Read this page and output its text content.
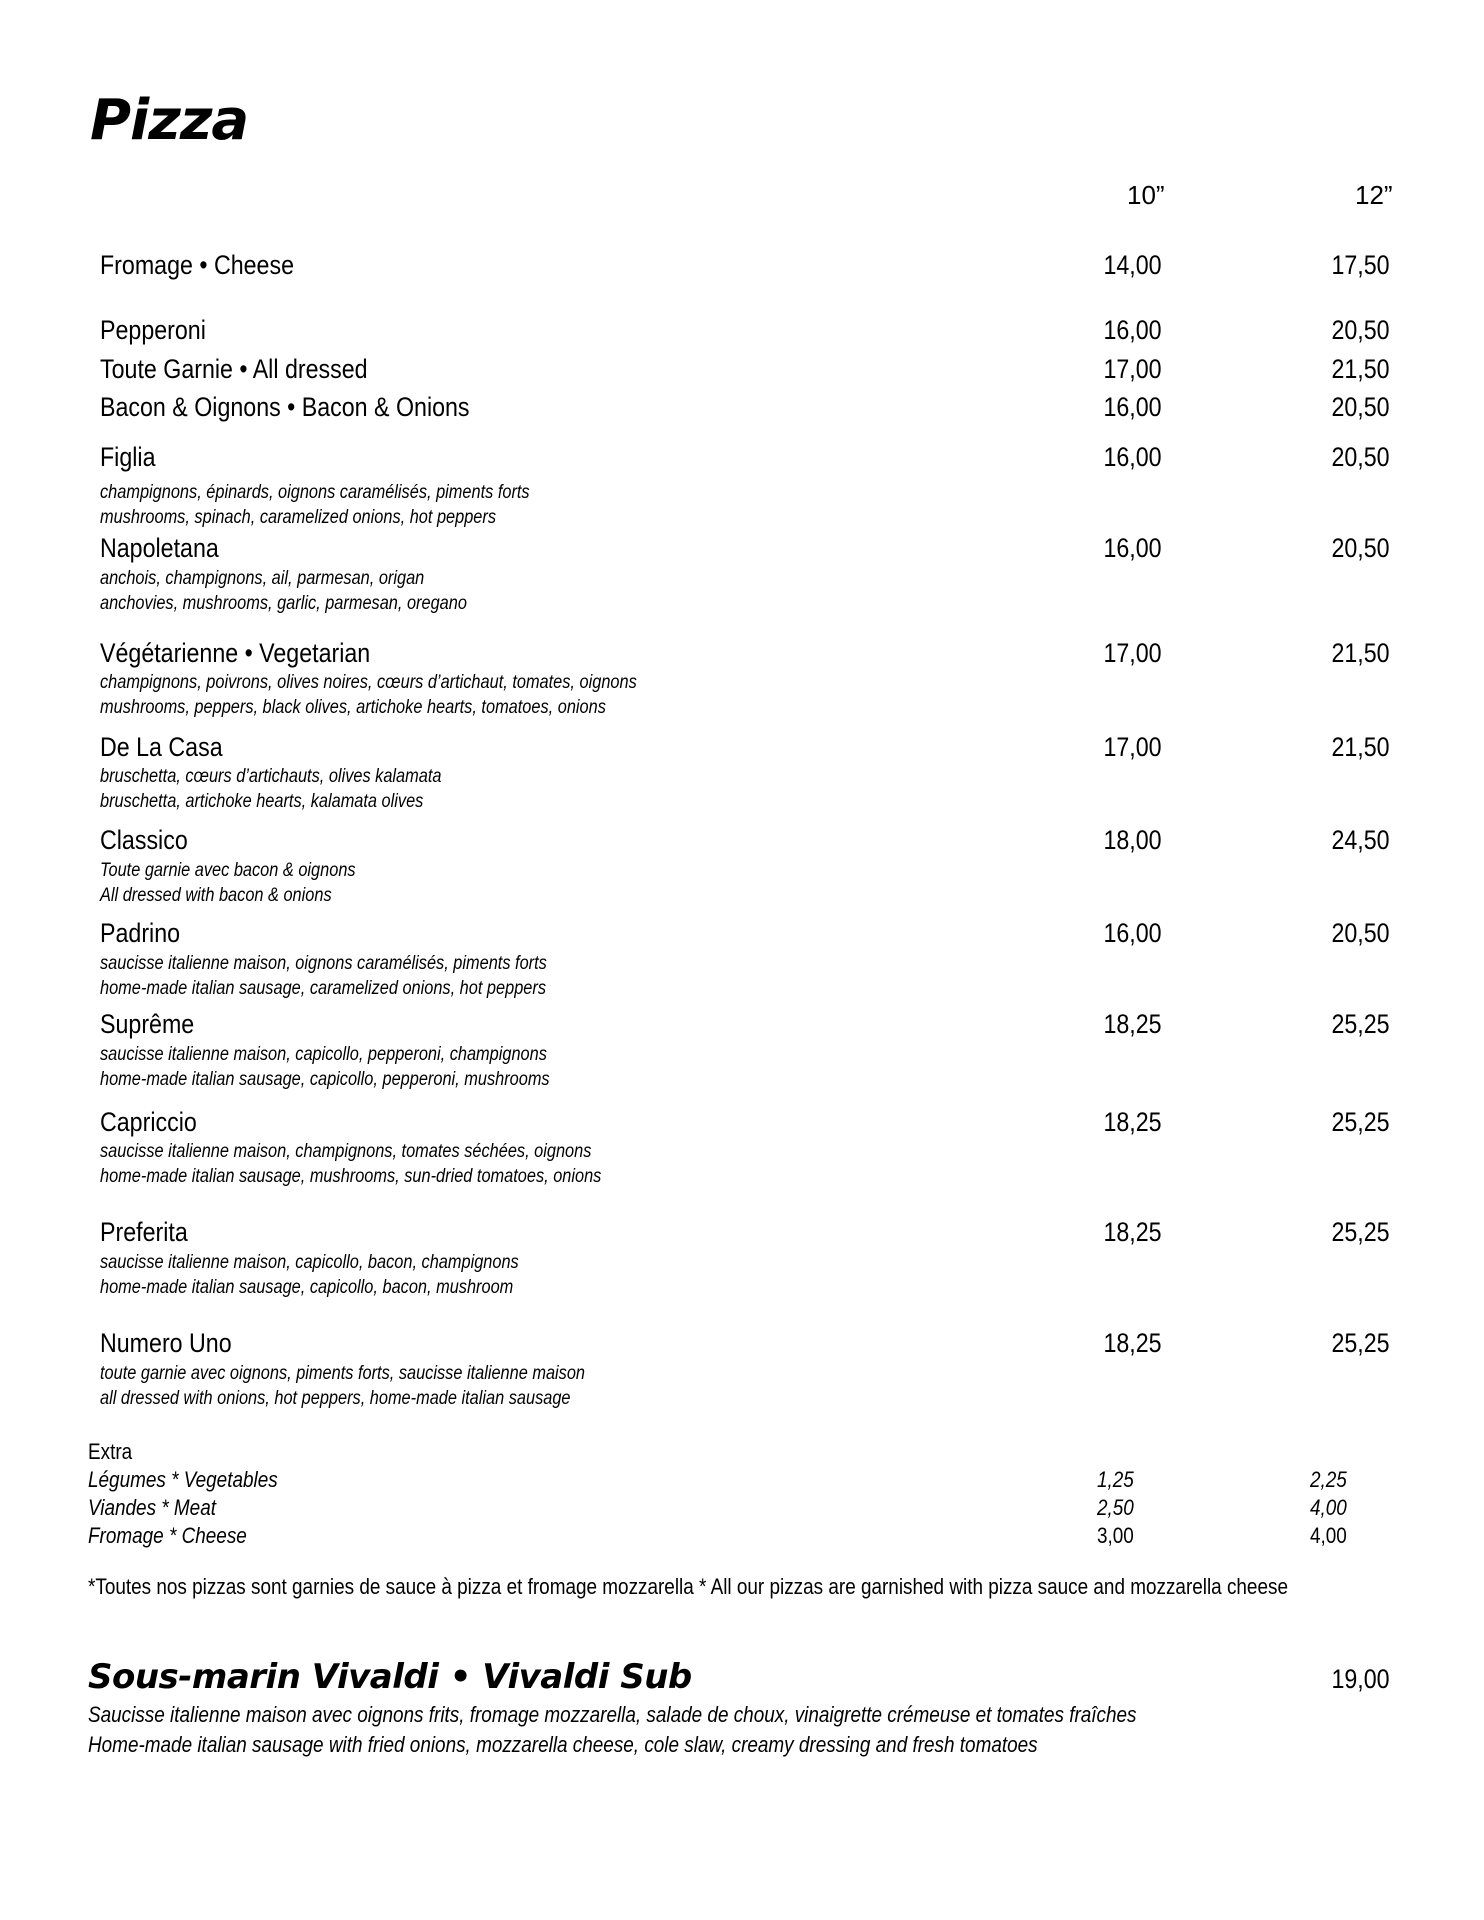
Pizza
10”	12”
Fromage • Cheese	14,00	17,50
Pepperoni	16,00	20,50
Toute Garnie • All dressed	17,00	21,50
Bacon & Oignons • Bacon & Onions	16,00	20,50
Figlia	16,00	20,50
champignons, épinards, oignons caramélisés, piments forts
mushrooms, spinach, caramelized onions, hot peppers
Napoletana	16,00	20,50
anchois, champignons, ail, parmesan, origan
anchovies, mushrooms, garlic, parmesan, oregano
Végétarienne • Vegetarian	17,00	21,50
champignons, poivrons, olives noires, cœurs d’artichaut, tomates, oignons
mushrooms, peppers, black olives, artichoke hearts, tomatoes, onions
De La Casa	17,00	21,50
bruschetta, cœurs d’artichauts, olives kalamata
bruschetta, artichoke hearts, kalamata olives
Classico	18,00	24,50
Toute garnie avec bacon & oignons
All dressed with bacon & onions
Padrino	16,00	20,50
saucisse italienne maison, oignons caramélisés, piments forts
home-made italian sausage, caramelized onions, hot peppers
Suprême	18,25	25,25
saucisse italienne maison, capicollo, pepperoni, champignons
home-made italian sausage, capicollo, pepperoni, mushrooms
Capriccio	18,25	25,25
saucisse italienne maison, champignons, tomates séchées, oignons
home-made italian sausage, mushrooms, sun-dried tomatoes, onions
Preferita	18,25	25,25
saucisse italienne maison, capicollo, bacon, champignons
home-made italian sausage, capicollo, bacon, mushroom
Numero Uno	18,25	25,25
toute garnie avec oignons, piments forts, saucisse italienne maison
all dressed with onions, hot peppers, home-made italian sausage
Extra
Légumes * Vegetables	1,25	2,25
Viandes * Meat	2,50	4,00
Fromage * Cheese	3,00	4,00
*Toutes nos pizzas sont garnies de sauce à pizza et fromage mozzarella * All our pizzas are garnished with pizza sauce and mozzarella cheese
Sous-marin Vivaldi • Vivaldi Sub	19,00
Saucisse italienne maison avec oignons frits, fromage mozzarella, salade de choux, vinaigrette crémeuse et tomates fraîches
Home-made italian sausage with fried onions, mozzarella cheese, cole slaw, creamy dressing and fresh tomatoes
